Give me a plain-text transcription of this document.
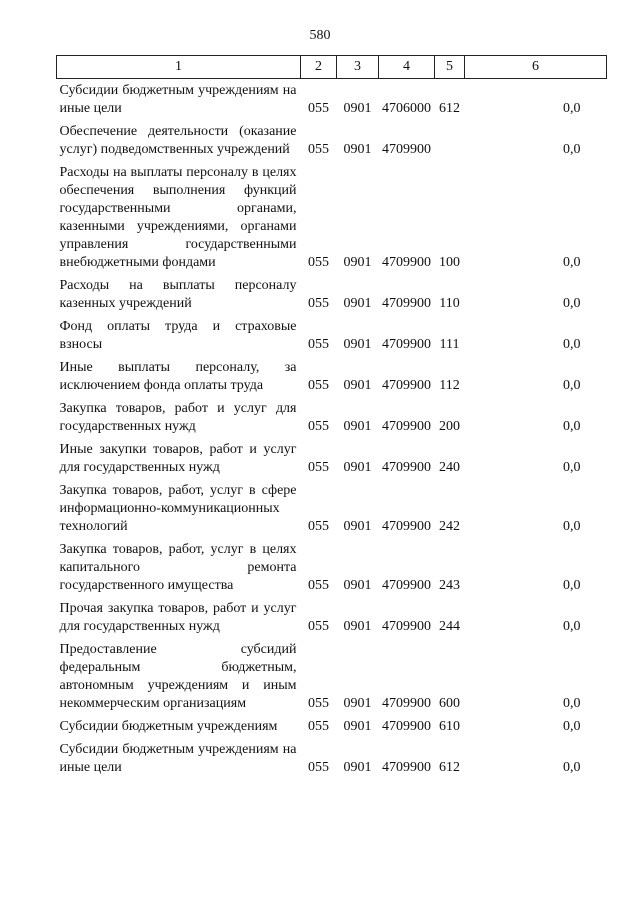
580
1	2	3	4	5	6
Субсидии бюджетным учреждениям на иные цели	055	0901	4706000	612	0,0
Обеспечение деятельности (оказание услуг) подведомственных учреждений	055	0901	4709900		0,0
Расходы на выплаты персоналу в целях обеспечения выполнения функций государственными органами, казенными учреждениями, органами управления государственными внебюджетными фондами	055	0901	4709900	100	0,0
Расходы на выплаты персоналу казенных учреждений	055	0901	4709900	110	0,0
Фонд оплаты труда и страховые взносы	055	0901	4709900	111	0,0
Иные выплаты персоналу, за исключением фонда оплаты труда	055	0901	4709900	112	0,0
Закупка товаров, работ и услуг для государственных нужд	055	0901	4709900	200	0,0
Иные закупки товаров, работ и услуг для государственных нужд	055	0901	4709900	240	0,0
Закупка товаров, работ, услуг в сфере информационно-коммуникационных технологий	055	0901	4709900	242	0,0
Закупка товаров, работ, услуг в целях капитального ремонта государственного имущества	055	0901	4709900	243	0,0
Прочая закупка товаров, работ и услуг для государственных нужд	055	0901	4709900	244	0,0
Предоставление субсидий федеральным бюджетным, автономным учреждениям и иным некоммерческим организациям	055	0901	4709900	600	0,0
Субсидии бюджетным учреждениям	055	0901	4709900	610	0,0
Субсидии бюджетным учреждениям на иные цели	055	0901	4709900	612	0,0
